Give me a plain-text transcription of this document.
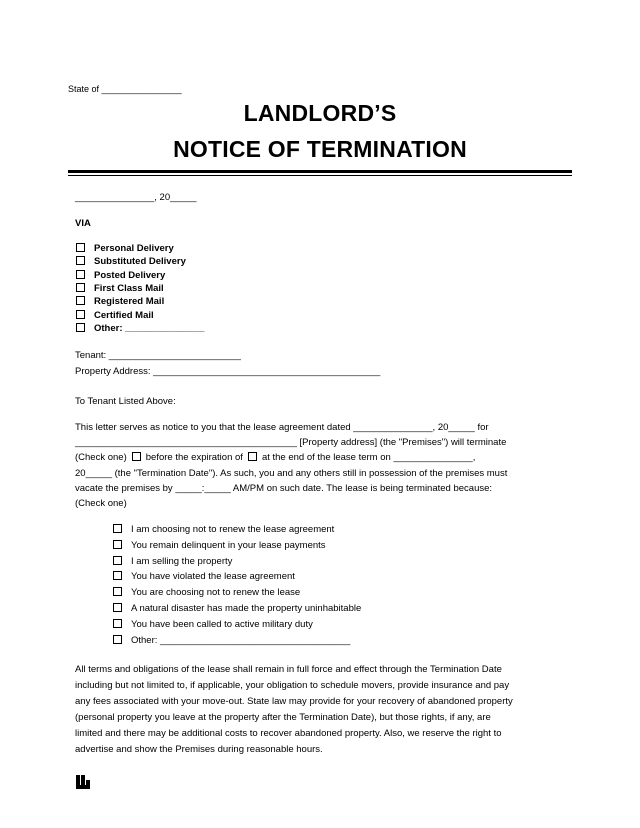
State of ________________
LANDLORD’S
NOTICE OF TERMINATION
_______________, 20_____
VIA
Personal Delivery
Substituted Delivery
Posted Delivery
First Class Mail
Registered Mail
Certified Mail
Other: _______________
Tenant: _________________________
Property Address: ___________________________________________
To Tenant Listed Above:
This letter serves as notice to you that the lease agreement dated _______________, 20_____ for
__________________________________________ [Property address] (the "Premises") will terminate
(Check one) before the expiration of at the end of the lease term on _______________,
20_____ (the "Termination Date"). As such, you and any others still in possession of the premises must
vacate the premises by _____:_____ AM/PM on such date. The lease is being terminated because:
(Check one)
I am choosing not to renew the lease agreement
You remain delinquent in your lease payments
I am selling the property
You have violated the lease agreement
You are choosing not to renew the lease
A natural disaster has made the property uninhabitable
You have been called to active military duty
Other: ____________________________________
All terms and obligations of the lease shall remain in full force and effect through the Termination Date
including but not limited to, if applicable, your obligation to schedule movers, provide insurance and pay
any fees associated with your move-out. State law may provide for your recovery of abandoned property
(personal property you leave at the property after the Termination Date), but those rights, if any, are
limited and there may be additional costs to recover abandoned property. Also, we reserve the right to
advertise and show the Premises during reasonable hours.
